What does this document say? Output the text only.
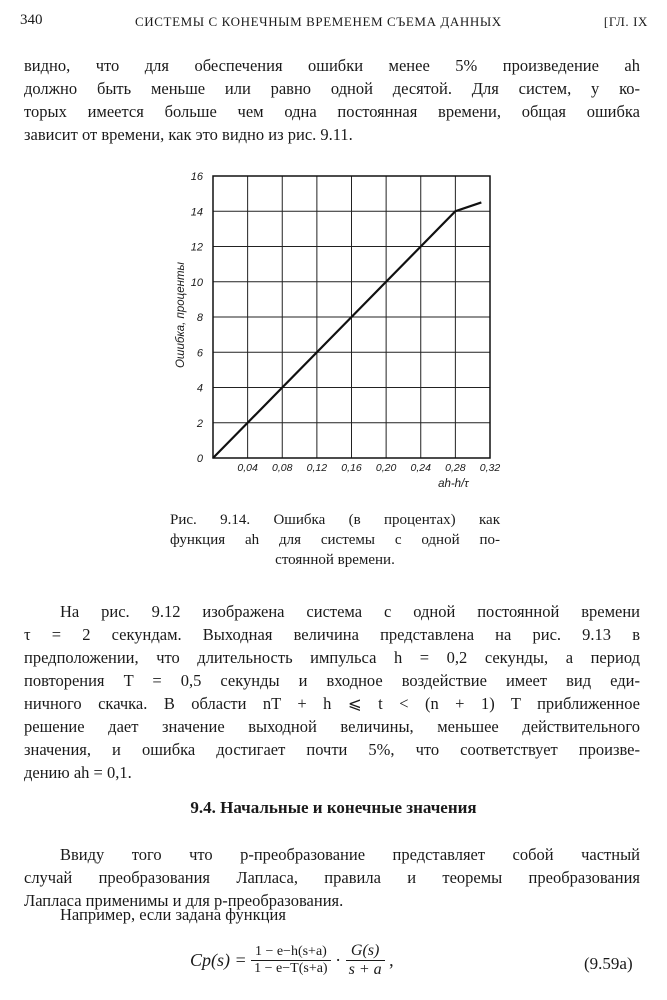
340	СИСТЕМЫ С КОНЕЧНЫМ ВРЕМЕНЕМ СЪЕМА ДАННЫХ	[ГЛ. IX
видно, что для обеспечения ошибки менее 5% произведение ah
должно быть меньше или равно одной десятой. Для систем, у ко-
торых имеется больше чем одна постоянная времени, общая ошибка
зависит от времени, как это видно из рис. 9.11.
0,04 0,08 0,12 0,16 0,20 0,24 0,28 0,32
0
2
4
6
8
10
12
14
16
ah-h/τ
Ошибка, проценты
Рис. 9.14. Ошибка (в процентах) как
функция ah для системы с одной по-
стоянной времени.
На рис. 9.12 изображена система с одной постоянной времени
τ = 2 секундам. Выходная величина представлена на рис. 9.13 в
предположении, что длительность импульса h = 0,2 секунды, а период
повторения T = 0,5 секунды и входное воздействие имеет вид еди-
ничного скачка. В области nT + h ⩽ t < (n + 1) T приближенное
решение дает значение выходной величины, меньшее действительного
значения, и ошибка достигает почти 5%, что соответствует произве-
дению ah = 0,1.
9.4. Начальные и конечные значения
Ввиду того что p-преобразование представляет собой частный
случай преобразования Лапласа, правила и теоремы преобразования
Лапласа применимы и для p-преобразования.
Например, если задана функция
$Cp(s) = \frac{1 - e-h(s+a)}{1 - e-T(s+a)} \cdot \frac{G(s)}{s + a}$ ,	(9.59a)
